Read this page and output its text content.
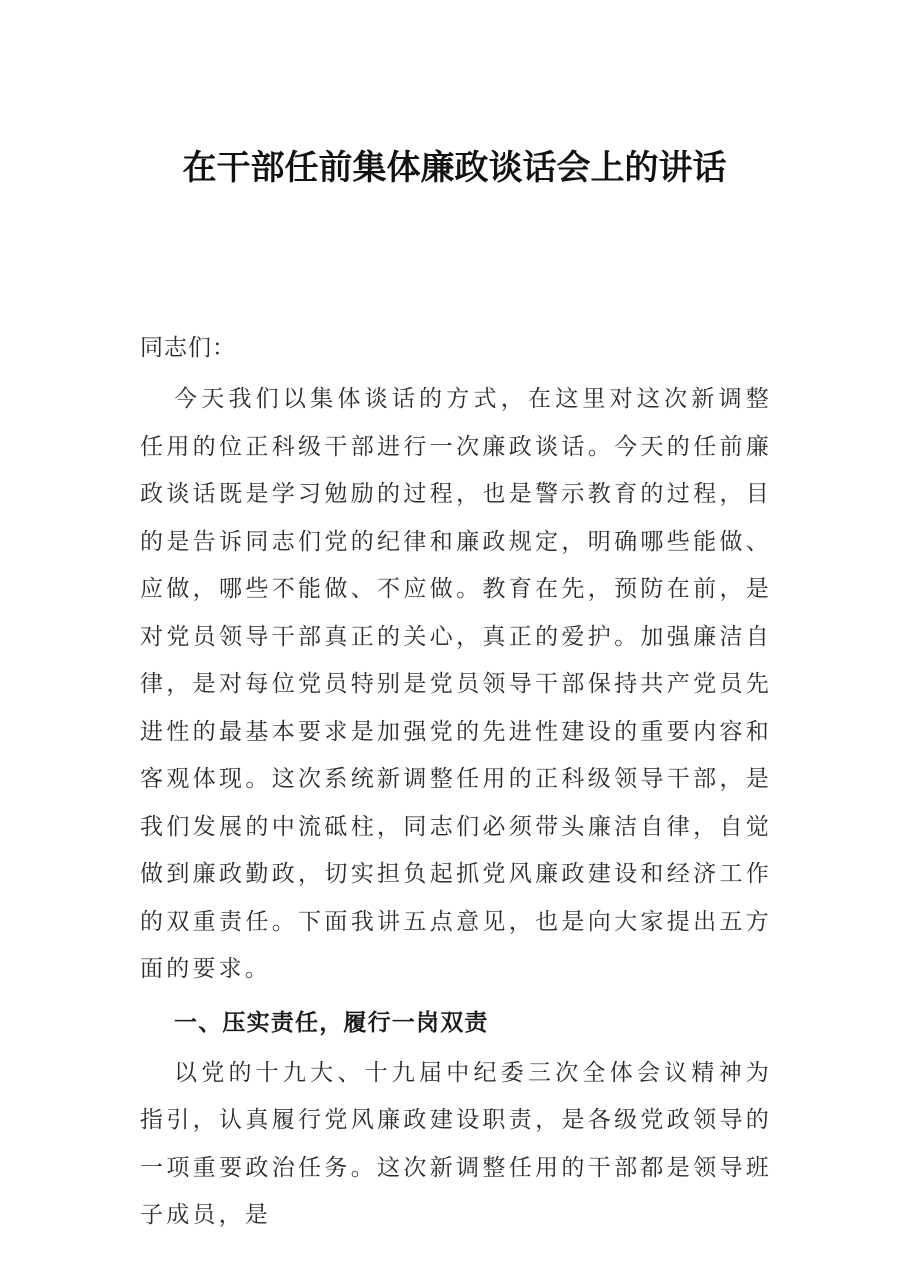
在干部任前集体廉政谈话会上的讲话

同志们：

今天我们以集体谈话的方式，在这里对这次新调整任用的位正科级干部进行一次廉政谈话。今天的任前廉政谈话既是学习勉励的过程，也是警示教育的过程，目的是告诉同志们党的纪律和廉政规定，明确哪些能做、应做，哪些不能做、不应做。教育在先，预防在前，是对党员领导干部真正的关心，真正的爱护。加强廉洁自律，是对每位党员特别是党员领导干部保持共产党员先进性的最基本要求是加强党的先进性建设的重要内容和客观体现。这次系统新调整任用的正科级领导干部，是我们发展的中流砥柱，同志们必须带头廉洁自律，自觉做到廉政勤政，切实担负起抓党风廉政建设和经济工作的双重责任。下面我讲五点意见，也是向大家提出五方面的要求。

一、压实责任，履行一岗双责

以党的十九大、十九届中纪委三次全体会议精神为指引，认真履行党风廉政建设职责，是各级党政领导的一项重要政治任务。这次新调整任用的干部都是领导班子成员，是
